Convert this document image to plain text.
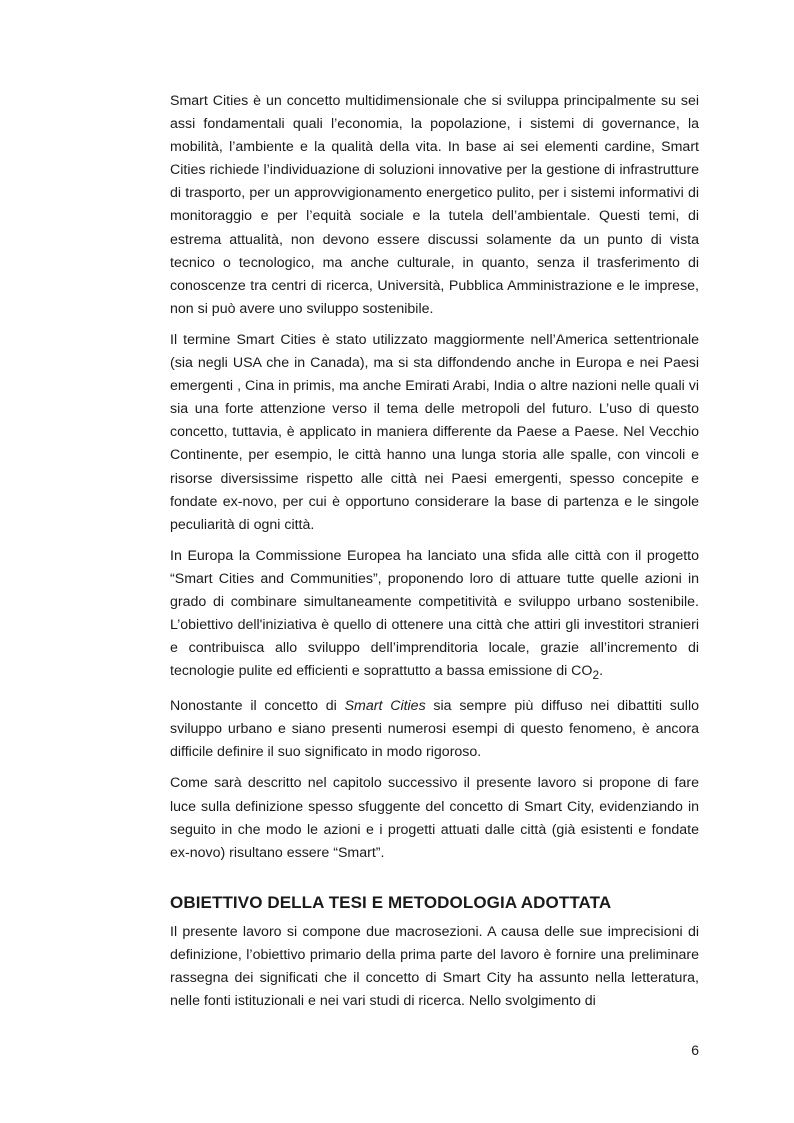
Smart Cities è un concetto multidimensionale che si sviluppa principalmente su sei assi fondamentali quali l’economia, la popolazione, i sistemi di governance, la mobilità, l’ambiente e la qualità della vita. In base ai sei elementi cardine, Smart Cities richiede l’individuazione di soluzioni innovative per la gestione di infrastrutture di trasporto, per un approvvigionamento energetico pulito, per i sistemi informativi di monitoraggio e per l’equità sociale e la tutela dell’ambientale. Questi temi, di estrema attualità, non devono essere discussi solamente da un punto di vista tecnico o tecnologico, ma anche culturale, in quanto, senza il trasferimento di conoscenze tra centri di ricerca, Università, Pubblica Amministrazione e le imprese, non si può avere uno sviluppo sostenibile.

Il termine Smart Cities è stato utilizzato maggiormente nell’America settentrionale (sia negli USA che in Canada), ma si sta diffondendo anche in Europa e nei Paesi emergenti , Cina in primis, ma anche Emirati Arabi, India o altre nazioni nelle quali vi sia una forte attenzione verso il tema delle metropoli del futuro. L’uso di questo concetto, tuttavia, è applicato in maniera differente da Paese a Paese. Nel Vecchio Continente, per esempio, le città hanno una lunga storia alle spalle, con vincoli e risorse diversissime rispetto alle città nei Paesi emergenti, spesso concepite e fondate ex-novo, per cui è opportuno considerare la base di partenza e le singole peculiarità di ogni città.

In Europa la Commissione Europea ha lanciato una sfida alle città con il progetto “Smart Cities and Communities”, proponendo loro di attuare tutte quelle azioni in grado di combinare simultaneamente competitività e sviluppo urbano sostenibile. L’obiettivo dell'iniziativa è quello di ottenere una città che attiri gli investitori stranieri e contribuisca allo sviluppo dell’imprenditoria locale, grazie all’incremento di tecnologie pulite ed efficienti e soprattutto a bassa emissione di $CO_2$.

Nonostante il concetto di Smart Cities sia sempre più diffuso nei dibattiti sullo sviluppo urbano e siano presenti numerosi esempi di questo fenomeno, è ancora difficile definire il suo significato in modo rigoroso.

Come sarà descritto nel capitolo successivo il presente lavoro si propone di fare luce sulla definizione spesso sfuggente del concetto di Smart City, evidenziando in seguito in che modo le azioni e i progetti attuati dalle città (già esistenti e fondate ex-novo) risultano essere “Smart”.

OBIETTIVO DELLA TESI E METODOLOGIA ADOTTATA

Il presente lavoro si compone due macrosezioni. A causa delle sue imprecisioni di definizione, l’obiettivo primario della prima parte del lavoro è fornire una preliminare rassegna dei significati che il concetto di Smart City ha assunto nella letteratura, nelle fonti istituzionali e nei vari studi di ricerca. Nello svolgimento di

6
